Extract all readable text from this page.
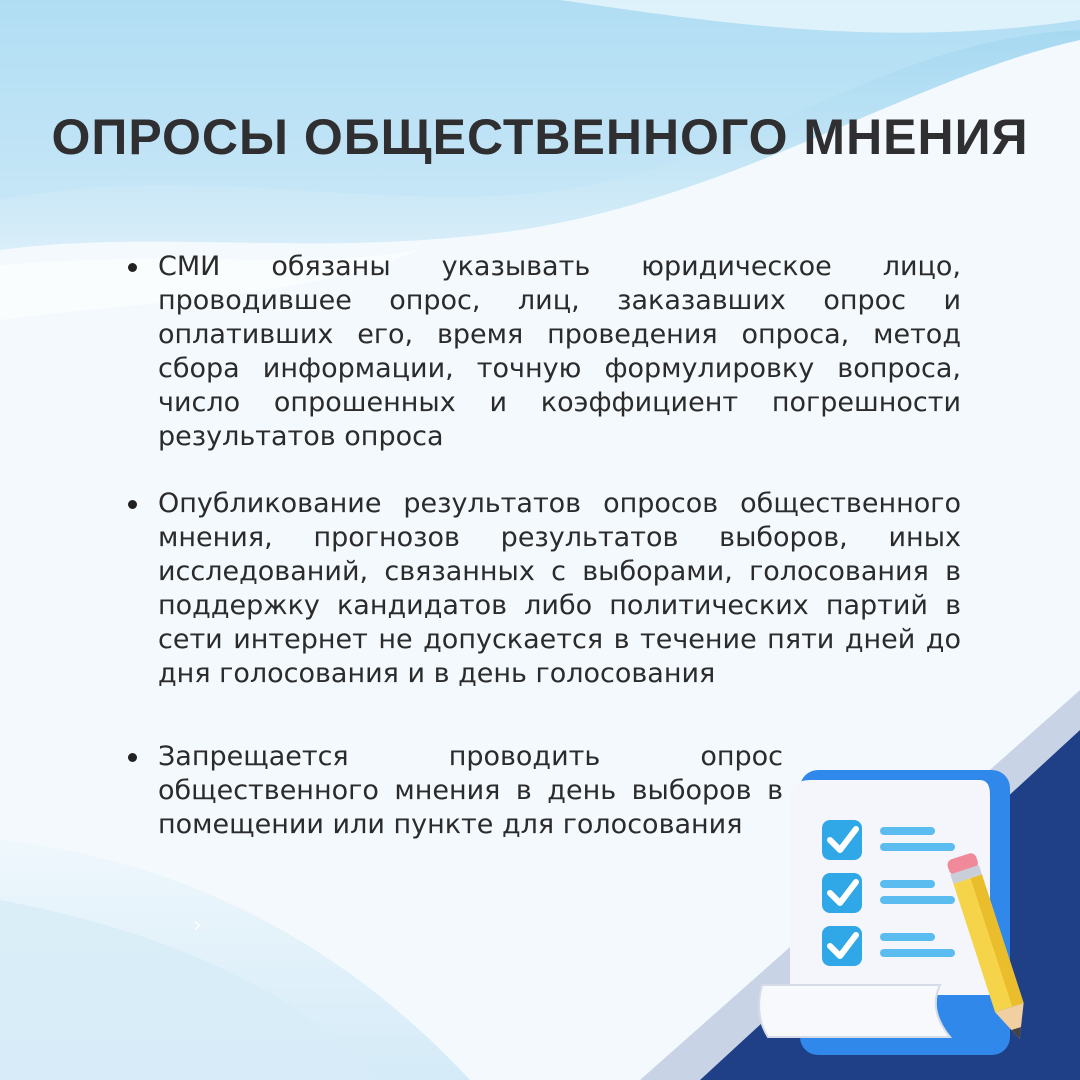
ОПРОСЫ ОБЩЕСТВЕННОГО МНЕНИЯ
СМИ обязаны указывать юридическое лицо, проводившее опрос, лиц, заказавших опрос и оплативших его, время проведения опроса, метод сбора информации, точную формулировку вопроса, число опрошенных и коэффициент погрешности результатов опроса
Опубликование результатов опросов общественного мнения, прогнозов результатов выборов, иных исследований, связанных с выборами, голосования в поддержку кандидатов либо политических партий в сети интернет не допускается в течение пяти дней до дня голосования и в день голосования
Запрещается проводить опрос общественного мнения в день выборов в помещении или пункте для голосования
›
